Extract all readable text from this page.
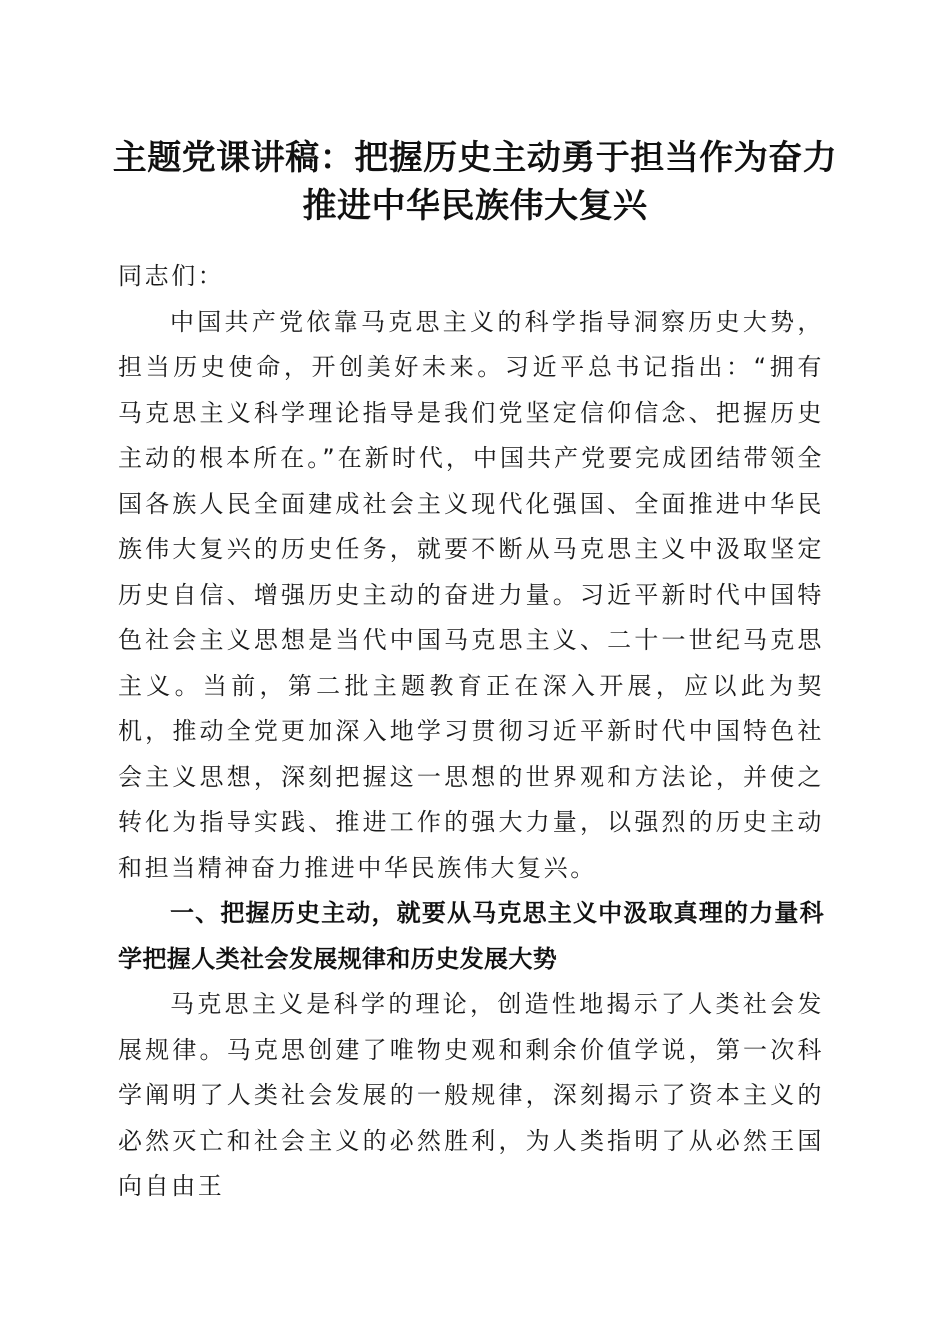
主题党课讲稿：把握历史主动勇于担当作为奋力推进中华民族伟大复兴

同志们：

中国共产党依靠马克思主义的科学指导洞察历史大势，担当历史使命，开创美好未来。习近平总书记指出：“拥有马克思主义科学理论指导是我们党坚定信仰信念、把握历史主动的根本所在。”在新时代，中国共产党要完成团结带领全国各族人民全面建成社会主义现代化强国、全面推进中华民族伟大复兴的历史任务，就要不断从马克思主义中汲取坚定历史自信、增强历史主动的奋进力量。习近平新时代中国特色社会主义思想是当代中国马克思主义、二十一世纪马克思主义。当前，第二批主题教育正在深入开展，应以此为契机，推动全党更加深入地学习贯彻习近平新时代中国特色社会主义思想，深刻把握这一思想的世界观和方法论，并使之转化为指导实践、推进工作的强大力量，以强烈的历史主动和担当精神奋力推进中华民族伟大复兴。

一、把握历史主动，就要从马克思主义中汲取真理的力量科学把握人类社会发展规律和历史发展大势

马克思主义是科学的理论，创造性地揭示了人类社会发展规律。马克思创建了唯物史观和剩余价值学说，第一次科学阐明了人类社会发展的一般规律，深刻揭示了资本主义的必然灭亡和社会主义的必然胜利，为人类指明了从必然王国向自由王
